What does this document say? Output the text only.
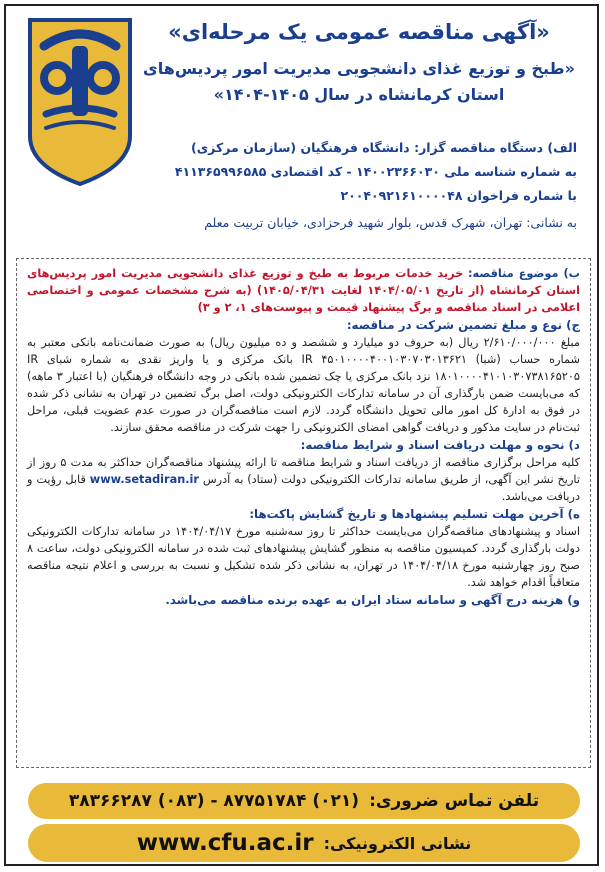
«آگهی مناقصه عمومی یک مرحله‌ای»
«طبخ و توزیع غذای دانشجویی مدیریت امور پردیس‌های
استان کرمانشاه در سال ۱۴۰۵-۱۴۰۴»
الف) دستگاه مناقصه گزار: دانشگاه فرهنگیان (سازمان مرکزی)
به شماره شناسه ملی ۱۴۰۰۲۳۶۶۰۳۰ - کد اقتصادی ۴۱۱۳۶۵۹۹۶۵۸۵
با شماره فراخوان ۲۰۰۴۰۹۲۱۶۱۰۰۰۰۴۸
به نشانی: تهران، شهرک قدس، بلوار شهید فرحزادی، خیابان تربیت معلم

ب) موضوع مناقصه: خرید خدمات مربوط به طبخ و توزیع غذای دانشجویی مدیریت امور پردیس‌های استان کرمانشاه (از تاریخ ۱۴۰۴/۰۵/۰۱ لغایت ۱۴۰۵/۰۴/۳۱) (به شرح مشخصات عمومی و اختصاصی اعلامی در اسناد مناقصه و برگ پیشنهاد قیمت و پیوست‌های ۱، ۲ و ۳)

ج) نوع و مبلغ تضمین شرکت در مناقصه:

مبلغ ۲/۶۱۰/۰۰۰/۰۰۰ ریال (به حروف دو میلیارد و ششصد و ده میلیون ریال) به صورت ضمانت‌نامه بانکی معتبر به شماره حساب (شبا) IR ۴۵۰۱۰۰۰۰۴۰۰۱۰۳۰۷۰۳۰۱۳۶۲۱ بانک مرکزی و یا واریز نقدی به شماره شبای IR ۱۸۰۱۰۰۰۰۴۱۰۱۰۳۰۷۳۸۱۶۵۲۰۵ نزد بانک مرکزی یا چک تضمین شده بانکی در وجه دانشگاه فرهنگیان (با اعتبار ۳ ماهه) که می‌بایست ضمن بارگذاری آن در سامانه تدارکات الکترونیکی دولت، اصل برگ تضمین در تهران به نشانی ذکر شده در فوق به ادارهٔ کل امور مالی تحویل دانشگاه گردد. لازم است مناقصه‌گران در صورت عدم عضویت قبلی، مراحل ثبت‌نام در سایت مذکور و دریافت گواهی امضای الکترونیکی را جهت شرکت در مناقصه محقق سازند.

د) نحوه و مهلت دریافت اسناد و شرایط مناقصه:

کلیه مراحل برگزاری مناقصه از دریافت اسناد و شرایط مناقصه تا ارائه پیشنهاد مناقصه‌گران حداکثر به مدت ۵ روز از تاریخ نشر این آگهی، از طریق سامانه تدارکات الکترونیکی دولت (ستاد) به آدرس www.setadiran.ir قابل رؤیت و دریافت می‌باشد.

ه) آخرین مهلت تسلیم پیشنهادها و تاریخ گشایش پاکت‌ها:

اسناد و پیشنهادهای مناقصه‌گران می‌بایست حداکثر تا روز سه‌شنبه مورخ ۱۴۰۴/۰۴/۱۷ در سامانه تدارکات الکترونیکی دولت بارگذاری گردد. کمیسیون مناقصه به منظور گشایش پیشنهادهای ثبت شده در سامانه الکترونیکی دولت، ساعت ۸ صبح روز چهارشنبه مورخ ۱۴۰۴/۰۴/۱۸ در تهران، به نشانی ذکر شده تشکیل و نسبت به بررسی و اعلام نتیجه مناقصه متعاقباً اقدام خواهد شد.

و) هزینه درج آگهی و سامانه ستاد ایران به عهده برنده مناقصه می‌باشد.

تلفن تماس ضروری:
(۰۲۱) ۸۷۷۵۱۷۸۴ - (۰۸۳) ۳۸۳۶۶۲۸۷
نشانی الکترونیکی:
www.cfu.ac.ir
